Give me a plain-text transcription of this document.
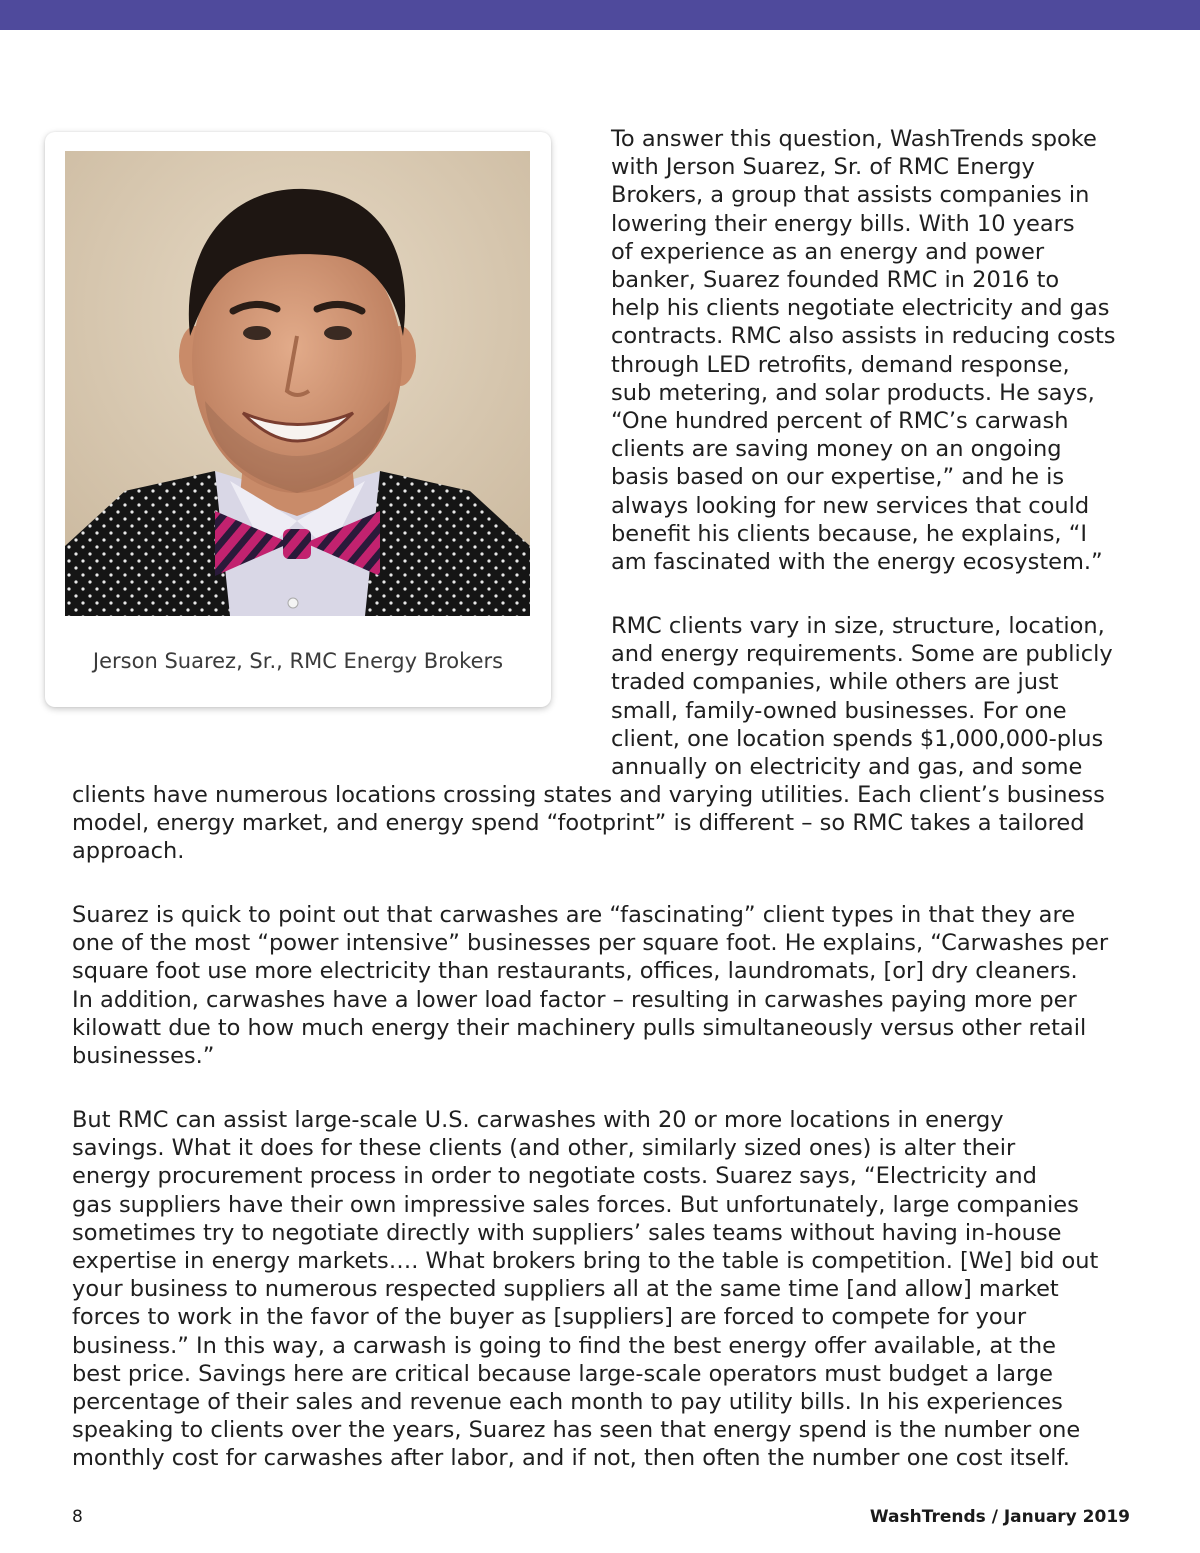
Jerson Suarez, Sr., RMC Energy Brokers
To answer this question, WashTrends spoke
with Jerson Suarez, Sr. of RMC Energy
Brokers, a group that assists companies in
lowering their energy bills. With 10 years
of experience as an energy and power
banker, Suarez founded RMC in 2016 to
help his clients negotiate electricity and gas
contracts. RMC also assists in reducing costs
through LED retrofits, demand response,
sub metering, and solar products. He says,
“One hundred percent of RMC’s carwash
clients are saving money on an ongoing
basis based on our expertise,” and he is
always looking for new services that could
benefit his clients because, he explains, “I
am fascinated with the energy ecosystem.”
RMC clients vary in size, structure, location,
and energy requirements. Some are publicly
traded companies, while others are just
small, family-owned businesses. For one
client, one location spends $1,000,000-plus
annually on electricity and gas, and some
clients have numerous locations crossing states and varying utilities. Each client’s business
model, energy market, and energy spend “footprint” is different – so RMC takes a tailored
approach.
Suarez is quick to point out that carwashes are “fascinating” client types in that they are
one of the most “power intensive” businesses per square foot. He explains, “Carwashes per
square foot use more electricity than restaurants, offices, laundromats, [or] dry cleaners.
In addition, carwashes have a lower load factor – resulting in carwashes paying more per
kilowatt due to how much energy their machinery pulls simultaneously versus other retail
businesses.”
But RMC can assist large-scale U.S. carwashes with 20 or more locations in energy
savings. What it does for these clients (and other, similarly sized ones) is alter their
energy procurement process in order to negotiate costs. Suarez says, “Electricity and
gas suppliers have their own impressive sales forces. But unfortunately, large companies
sometimes try to negotiate directly with suppliers’ sales teams without having in-house
expertise in energy markets…. What brokers bring to the table is competition. [We] bid out
your business to numerous respected suppliers all at the same time [and allow] market
forces to work in the favor of the buyer as [suppliers] are forced to compete for your
business.” In this way, a carwash is going to find the best energy offer available, at the
best price. Savings here are critical because large-scale operators must budget a large
percentage of their sales and revenue each month to pay utility bills. In his experiences
speaking to clients over the years, Suarez has seen that energy spend is the number one
monthly cost for carwashes after labor, and if not, then often the number one cost itself.
8	WashTrends / January 2019
